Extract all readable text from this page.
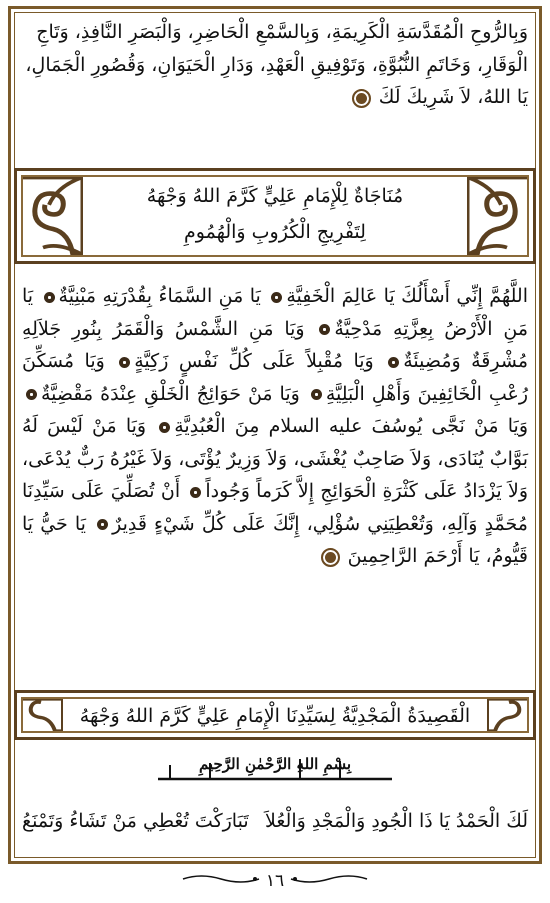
وَبِالرُّوحِ الْمُقَدَّسَةِ الْكَرِيمَةِ، وَبِالسَّمْعِ الْحَاضِرِ، وَالْبَصَرِ النَّافِذِ، وَتَاجِ

الْوَقَارِ، وَخَاتَمِ النُّبُوَّةِ، وَتَوْفِيقِ الْعَهْدِ، وَدَارِ الْحَيَوَانِ، وَقُصُورِ الْجَمَالِ،

يَا اللهُ، لاَ شَرِيكَ لَكَ

مُنَاجَاةٌ لِلْإِمَامِ عَلِيٍّ كَرَّمَ اللهُ وَجْهَهُ
لِتَفْرِيجِ الْكُرُوبِ وَالْهُمُومِ

اللَّهُمَّ إِنِّي أَسْأَلُكَ يَا عَالِمَ الْخَفِيَّةِ يَا مَنِ السَّمَاءُ بِقُدْرَتِهِ مَبْنِيَّةٌ يَا مَنِ الْأَرْضُ بِعِزَّتِهِ مَدْحِيَّةٌ وَيَا مَنِ الشَّمْسُ وَالْقَمَرُ بِنُورِ جَلاَلِهِ مُشْرِقَةٌ وَمُضِيئَةٌ وَيَا مُقْبِلاً عَلَى كُلِّ نَفْسٍ زَكِيَّةٍ وَيَا مُسَكِّنَ رُعْبِ الْخَائِفِينَ وَأَهْلِ الْبَلِيَّةِ وَيَا مَنْ حَوَائِجُ الْخَلْقِ عِنْدَهُ مَقْضِيَّةٌ وَيَا مَنْ نَجَّى يُوسُفَ عليه السلام مِنَ الْعُبُدِيَّةِ وَيَا مَنْ لَيْسَ لَهُ بَوَّابٌ يُنَادَى، وَلاَ صَاحِبٌ يُغْشَى، وَلاَ وَزِيرٌ يُؤْتَى، وَلاَ غَيْرُهُ رَبٌّ يُدْعَى، وَلاَ يَزْدَادُ عَلَى كَثْرَةِ الْحَوَائِجِ إِلاَّ كَرَماً وَجُوداً أَنْ تُصَلِّيَ عَلَى سَيِّدِنَا مُحَمَّدٍ وَآلِهِ، وَتُعْطِيَنِي سُؤْلِي، إِنَّكَ عَلَى كُلِّ شَيْءٍ قَدِيرٌ يَا حَيُّ يَا قَيُّومُ، يَا أَرْحَمَ الرَّاحِمِينَ

الْقَصِيدَةُ الْمَجْدِيَّةُ لِسَيِّدِنَا الْإِمَامِ عَلِيٍّ كَرَّمَ اللهُ وَجْهَهُ
بِسْمِ اللهِ الرَّحْمٰنِ الرَّحِيمِ
لَكَ الْحَمْدُ يَا ذَا الْجُودِ وَالْمَجْدِ وَالْعُلاَ
تَبَارَكْتَ تُعْطِي مَنْ تَشَاءُ وَتَمْنَعُ
١٦
